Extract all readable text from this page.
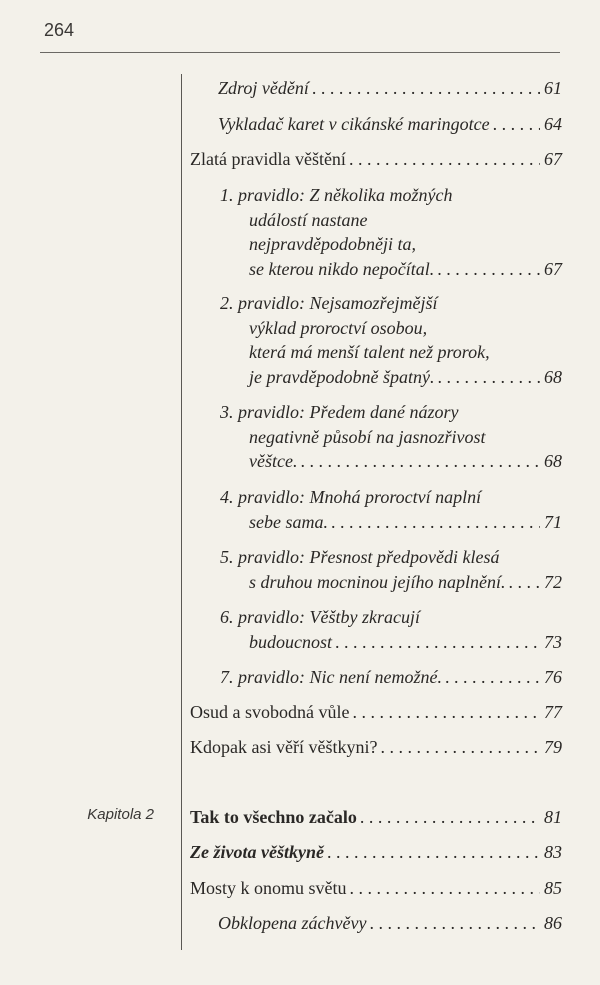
264
Kapitola 2
Zdroj vědění . . .	61
Vykladač karet v cikánské maringotce . . .	64
Zlatá pravidla věštění . . .	67
1. pravidlo: Z několika možných
událostí nastane
nejpravděpodobněji ta,
se kterou nikdo nepočítal. . . .	67
2. pravidlo: Nejsamozřejmější
výklad proroctví osobou,
která má menší talent než prorok,
je pravděpodobně špatný. . . .	68
3. pravidlo: Předem dané názory
negativně působí na jasnozřivost
věštce. . . .	68
4. pravidlo: Mnohá proroctví naplní
sebe sama. . . .	71
5. pravidlo: Přesnost předpovědi klesá
s druhou mocninou jejího naplnění. . . . 72
6. pravidlo: Věštby zkracují
budoucnost . . .	73
7. pravidlo: Nic není nemožné. . . .	76
Osud a svobodná vůle . . .	77
Kdopak asi věří věštkyni? . . .	79
Tak to všechno začalo . . .	81
Ze života věštkyně . . .	83
Mosty k onomu světu . . .	85
Obklopena záchvěvy . . .	86
